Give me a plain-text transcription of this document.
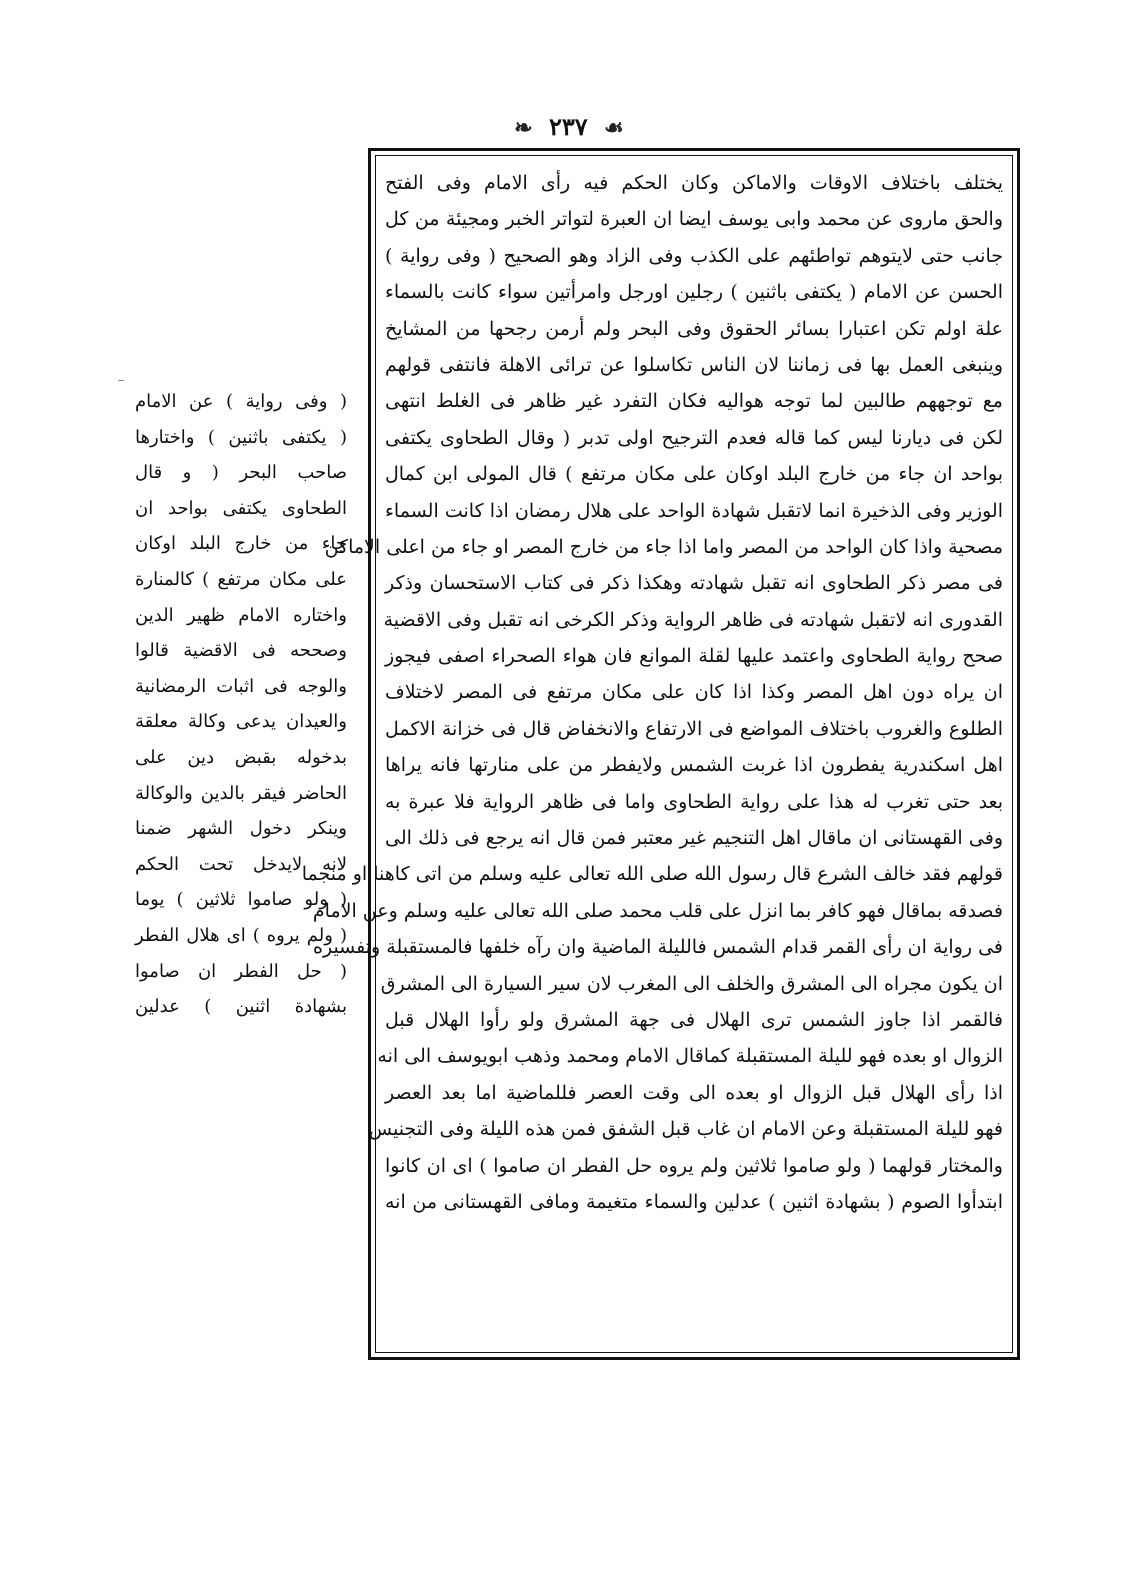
❧ ٢٣٧ ☙
يختلف باختلاف الاوقات والاماكن وكان الحكم فيه رأى الامام وفى الفتح
والحق ماروى عن محمد وابى يوسف ايضا ان العبرة لتواتر الخبر ومجيئة من كل
جانب حتى لايتوهم تواطئهم على الكذب وفى الزاد وهو الصحيح ( وفى رواية )
الحسن عن الامام ( يكتفى باثنين ) رجلين اورجل وامرأتين سواء كانت بالسماء
علة اولم تكن اعتبارا بسائر الحقوق وفى البحر ولم أرمن رجحها من المشايخ
وينبغى العمل بها فى زماننا لان الناس تكاسلوا عن ترائى الاهلة فانتفى قولهم
مع توجههم طالبين لما توجه هواليه فكان التفرد غير ظاهر فى الغلط انتهى
لكن فى ديارنا ليس كما قاله فعدم الترجيح اولى تدبر ( وقال الطحاوى يكتفى
بواحد ان جاء من خارج البلد اوكان على مكان مرتفع ) قال المولى ابن كمال
الوزير وفى الذخيرة انما لاتقبل شهادة الواحد على هلال رمضان اذا كانت السماء
مصحية واذا كان الواحد من المصر واما اذا جاء من خارج المصر او جاء من اعلى الاماكن
فى مصر ذكر الطحاوى انه تقبل شهادته وهكذا ذكر فى كتاب الاستحسان وذكر
القدورى انه لاتقبل شهادته فى ظاهر الرواية وذكر الكرخى انه تقبل وفى الاقضية
صحح رواية الطحاوى واعتمد عليها لقلة الموانع فان هواء الصحراء اصفى فيجوز
ان يراه دون اهل المصر وكذا اذا كان على مكان مرتفع فى المصر لاختلاف
الطلوع والغروب باختلاف المواضع فى الارتفاع والانخفاض قال فى خزانة الاكمل
اهل اسكندرية يفطرون اذا غربت الشمس ولايفطر من على منارتها فانه يراها
بعد حتى تغرب له هذا على رواية الطحاوى واما فى ظاهر الرواية فلا عبرة به
وفى القهستانى ان ماقال اهل التنجيم غير معتبر فمن قال انه يرجع فى ذلك الى
قولهم فقد خالف الشرع قال رسول الله صلى الله تعالى عليه وسلم من اتى كاهنا او منجما
فصدقه بماقال فهو كافر بما انزل على قلب محمد صلى الله تعالى عليه وسلم وعن الامام
فى رواية ان رأى القمر قدام الشمس فالليلة الماضية وان رآه خلفها فالمستقبلة وتفسيره
ان يكون مجراه الى المشرق والخلف الى المغرب لان سير السيارة الى المشرق
فالقمر اذا جاوز الشمس ترى الهلال فى جهة المشرق ولو رأوا الهلال قبل
الزوال او بعده فهو لليلة المستقبلة كماقال الامام ومحمد وذهب ابويوسف الى انه
اذا رأى الهلال قبل الزوال او بعده الى وقت العصر فللماضية اما بعد العصر
فهو لليلة المستقبلة وعن الامام ان غاب قبل الشفق فمن هذه الليلة وفى التجنيس
والمختار قولهما ( ولو صاموا ثلاثين ولم يروه حل الفطر ان صاموا ) اى ان كانوا
ابتدأوا الصوم ( بشهادة اثنين ) عدلين والسماء متغيمة ومافى القهستانى من انه
( وفى رواية ) عن الامام
( يكتفى باثنين ) واختارها
صاحب البحر ( و قال
الطحاوى يكتفى بواحد ان
جاء من خارج البلد اوكان
على مكان مرتفع ) كالمنارة
واختاره الامام ظهير الدين
وصححه فى الاقضية قالوا
والوجه فى اثبات الرمضانية
والعيدان يدعى وكالة معلقة
بدخوله بقبض دين على
الحاضر فيقر بالدين والوكالة
وينكر دخول الشهر ضمنا
لانه لايدخل تحت الحكم
( ولو صاموا ثلاثين ) يوما
( ولم يروه ) اى هلال الفطر
( حل الفطر ان صاموا
بشهادة اثنين ) عدلين
